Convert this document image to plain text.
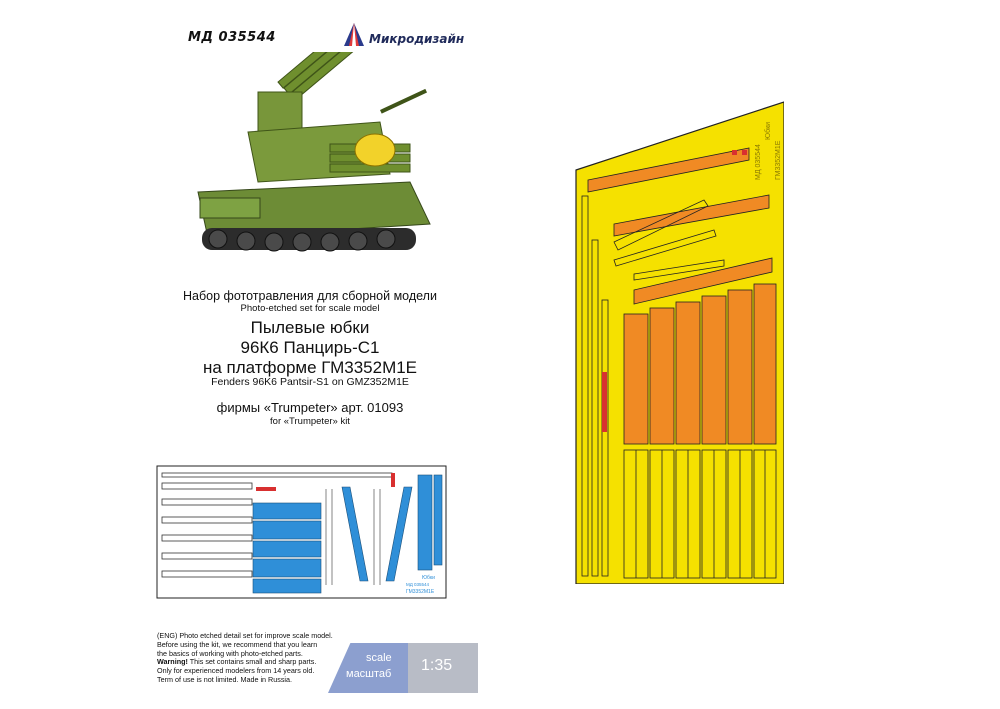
МД 035544	Микродизайн
Набор фототравления для сборной модели
Photo-etched set for scale model
Пылевые юбки
96К6 Панцирь-С1
на платформе ГМ3352М1Е
Fenders 96K6 Pantsir-S1 on GMZ352M1E
фирмы «Trumpeter» арт. 01093
for «Trumpeter» kit
Юбки
ГМ3352М1Е
МД 035544
Юбки
ГМ3352М1Е
МД 035544
(ENG) Photo etched detail set for improve scale model.
Before using the kit, we recommend that you learn
the basics of working with photo-etched parts.
Warning! This set contains small and sharp parts.
Only for experienced modelers from 14 years old.
Term of use is not limited. Made in Russia.
scale
масштаб 1:35
